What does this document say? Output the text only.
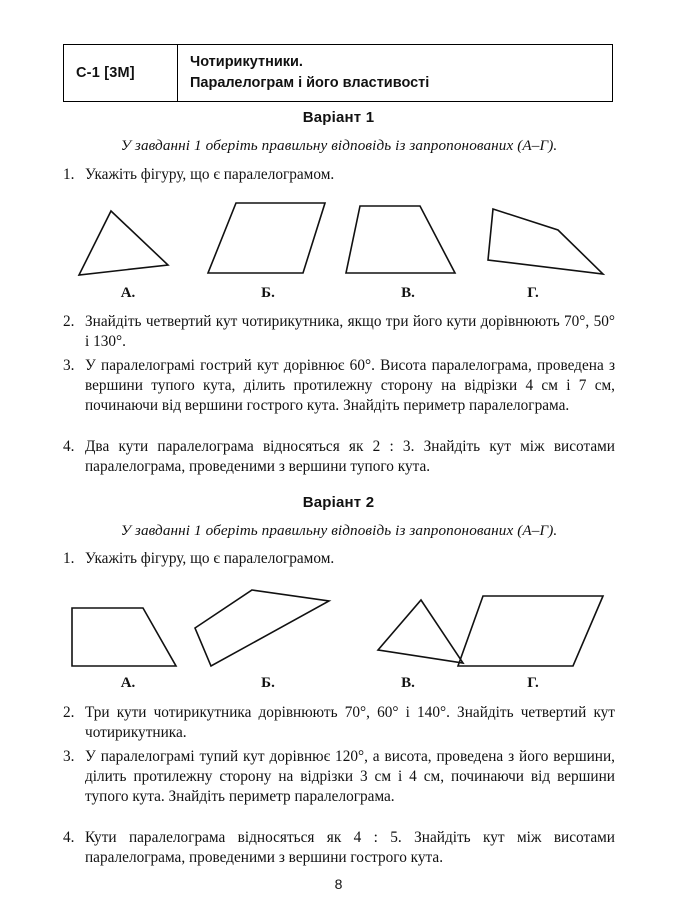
С-1 [3М]
Чотирикутники.
Паралелограм і його властивості
Варіант 1
У завданні 1 оберіть правильну відповідь із запропонованих (А–Г).
1. Укажіть фігуру, що є паралелограмом.
А.	Б.	В.	Г.
2. Знайдіть четвертий кут чотирикутника, якщо три його кути дорівнюють 70°, 50° і 130°.
3. У паралелограмі гострий кут дорівнює 60°. Висота паралелограма, проведена з вершини тупого кута, ділить протилежну сторону на відрізки 4 см і 7 см, починаючи від вершини гострого кута. Знайдіть периметр паралелограма.
4. Два кути паралелограма відносяться як 2 : 3. Знайдіть кут між висотами паралелограма, проведеними з вершини тупого кута.
Варіант 2
У завданні 1 оберіть правильну відповідь із запропонованих (А–Г).
1. Укажіть фігуру, що є паралелограмом.
А.	Б.	В.	Г.
2. Три кути чотирикутника дорівнюють 70°, 60° і 140°. Знайдіть четвертий кут чотирикутника.
3. У паралелограмі тупий кут дорівнює 120°, а висота, проведена з його вершини, ділить протилежну сторону на відрізки 3 см і 4 см, починаючи від вершини тупого кута. Знайдіть периметр паралелограма.
4. Кути паралелограма відносяться як 4 : 5. Знайдіть кут між висотами паралелограма, проведеними з вершини гострого кута.
8
